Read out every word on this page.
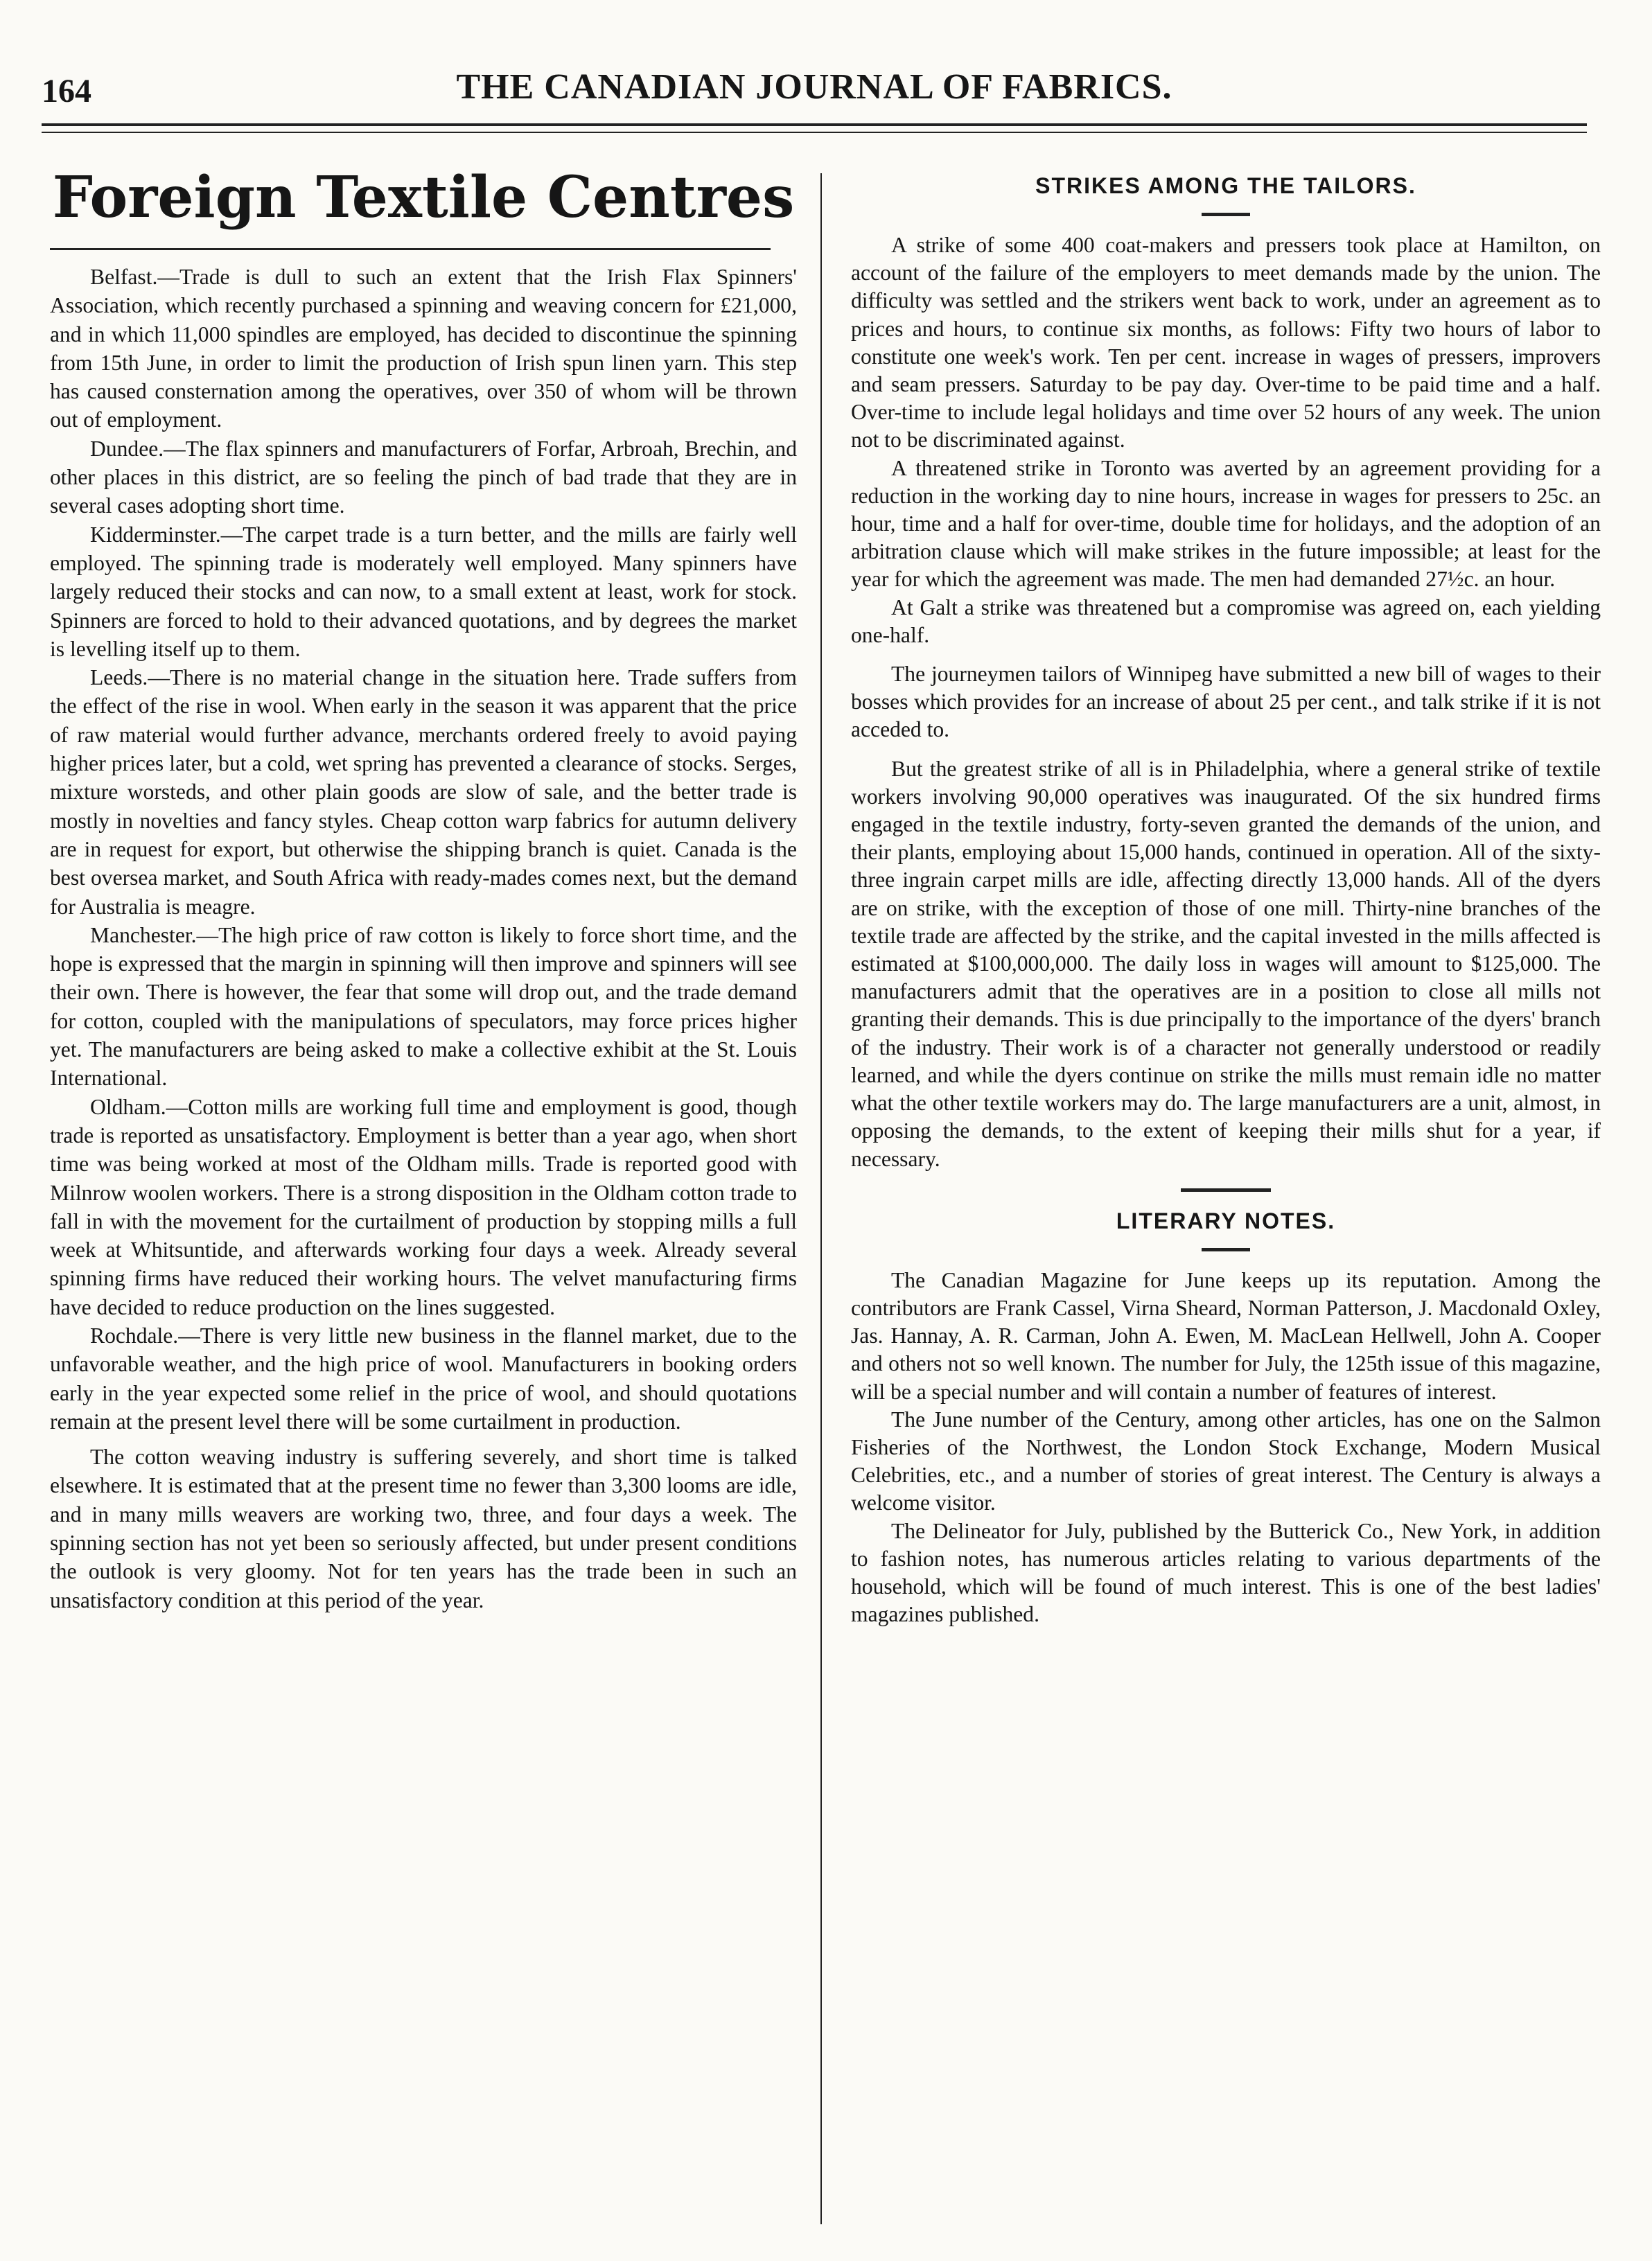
164	THE CANADIAN JOURNAL OF FABRICS.
Foreign Textile Centres

Belfast.—Trade is dull to such an extent that the Irish Flax Spinners' Association, which recently purchased a spinning and weaving concern for £21,000, and in which 11,000 spindles are employed, has decided to discontinue the spinning from 15th June, in order to limit the production of Irish spun linen yarn. This step has caused consternation among the operatives, over 350 of whom will be thrown out of employment.

Dundee.—The flax spinners and manufacturers of Forfar, Arbroah, Brechin, and other places in this district, are so feeling the pinch of bad trade that they are in several cases adopting short time.

Kidderminster.—The carpet trade is a turn better, and the mills are fairly well employed. The spinning trade is moderately well employed. Many spinners have largely reduced their stocks and can now, to a small extent at least, work for stock. Spinners are forced to hold to their advanced quotations, and by degrees the market is levelling itself up to them.

Leeds.—There is no material change in the situation here. Trade suffers from the effect of the rise in wool. When early in the season it was apparent that the price of raw material would further advance, merchants ordered freely to avoid paying higher prices later, but a cold, wet spring has prevented a clearance of stocks. Serges, mixture worsteds, and other plain goods are slow of sale, and the better trade is mostly in novelties and fancy styles. Cheap cotton warp fabrics for autumn delivery are in request for export, but otherwise the shipping branch is quiet. Canada is the best oversea market, and South Africa with ready-mades comes next, but the demand for Australia is meagre.

Manchester.—The high price of raw cotton is likely to force short time, and the hope is expressed that the margin in spinning will then improve and spinners will see their own. There is however, the fear that some will drop out, and the trade demand for cotton, coupled with the manipulations of speculators, may force prices higher yet. The manufacturers are being asked to make a collective exhibit at the St. Louis International.

Oldham.—Cotton mills are working full time and employment is good, though trade is reported as unsatisfactory. Employment is better than a year ago, when short time was being worked at most of the Oldham mills. Trade is reported good with Milnrow woolen workers. There is a strong disposition in the Oldham cotton trade to fall in with the movement for the curtailment of production by stopping mills a full week at Whitsuntide, and afterwards working four days a week. Already several spinning firms have reduced their working hours. The velvet manufacturing firms have decided to reduce production on the lines suggested.

Rochdale.—There is very little new business in the flannel market, due to the unfavorable weather, and the high price of wool. Manufacturers in booking orders early in the year expected some relief in the price of wool, and should quotations remain at the present level there will be some curtailment in production.

The cotton weaving industry is suffering severely, and short time is talked elsewhere. It is estimated that at the present time no fewer than 3,300 looms are idle, and in many mills weavers are working two, three, and four days a week. The spinning section has not yet been so seriously affected, but under present conditions the outlook is very gloomy. Not for ten years has the trade been in such an unsatisfactory condition at this period of the year.

STRIKES AMONG THE TAILORS.

A strike of some 400 coat-makers and pressers took place at Hamilton, on account of the failure of the employers to meet demands made by the union. The difficulty was settled and the strikers went back to work, under an agreement as to prices and hours, to continue six months, as follows: Fifty two hours of labor to constitute one week's work. Ten per cent. increase in wages of pressers, improvers and seam pressers. Saturday to be pay day. Over-time to be paid time and a half. Over-time to include legal holidays and time over 52 hours of any week. The union not to be discriminated against.

A threatened strike in Toronto was averted by an agreement providing for a reduction in the working day to nine hours, increase in wages for pressers to 25c. an hour, time and a half for over-time, double time for holidays, and the adoption of an arbitration clause which will make strikes in the future impossible; at least for the year for which the agreement was made. The men had demanded 27½c. an hour.

At Galt a strike was threatened but a compromise was agreed on, each yielding one-half.

The journeymen tailors of Winnipeg have submitted a new bill of wages to their bosses which provides for an increase of about 25 per cent., and talk strike if it is not acceded to.

But the greatest strike of all is in Philadelphia, where a general strike of textile workers involving 90,000 operatives was inaugurated. Of the six hundred firms engaged in the textile industry, forty-seven granted the demands of the union, and their plants, employing about 15,000 hands, continued in operation. All of the sixty-three ingrain carpet mills are idle, affecting directly 13,000 hands. All of the dyers are on strike, with the exception of those of one mill. Thirty-nine branches of the textile trade are affected by the strike, and the capital invested in the mills affected is estimated at $100,000,000. The daily loss in wages will amount to $125,000. The manufacturers admit that the operatives are in a position to close all mills not granting their demands. This is due principally to the importance of the dyers' branch of the industry. Their work is of a character not generally understood or readily learned, and while the dyers continue on strike the mills must remain idle no matter what the other textile workers may do. The large manufacturers are a unit, almost, in opposing the demands, to the extent of keeping their mills shut for a year, if necessary.

LITERARY NOTES.

The Canadian Magazine for June keeps up its reputation. Among the contributors are Frank Cassel, Virna Sheard, Norman Patterson, J. Macdonald Oxley, Jas. Hannay, A. R. Carman, John A. Ewen, M. MacLean Hellwell, John A. Cooper and others not so well known. The number for July, the 125th issue of this magazine, will be a special number and will contain a number of features of interest.

The June number of the Century, among other articles, has one on the Salmon Fisheries of the Northwest, the London Stock Exchange, Modern Musical Celebrities, etc., and a number of stories of great interest. The Century is always a welcome visitor.

The Delineator for July, published by the Butterick Co., New York, in addition to fashion notes, has numerous articles relating to various departments of the household, which will be found of much interest. This is one of the best ladies' magazines published.
